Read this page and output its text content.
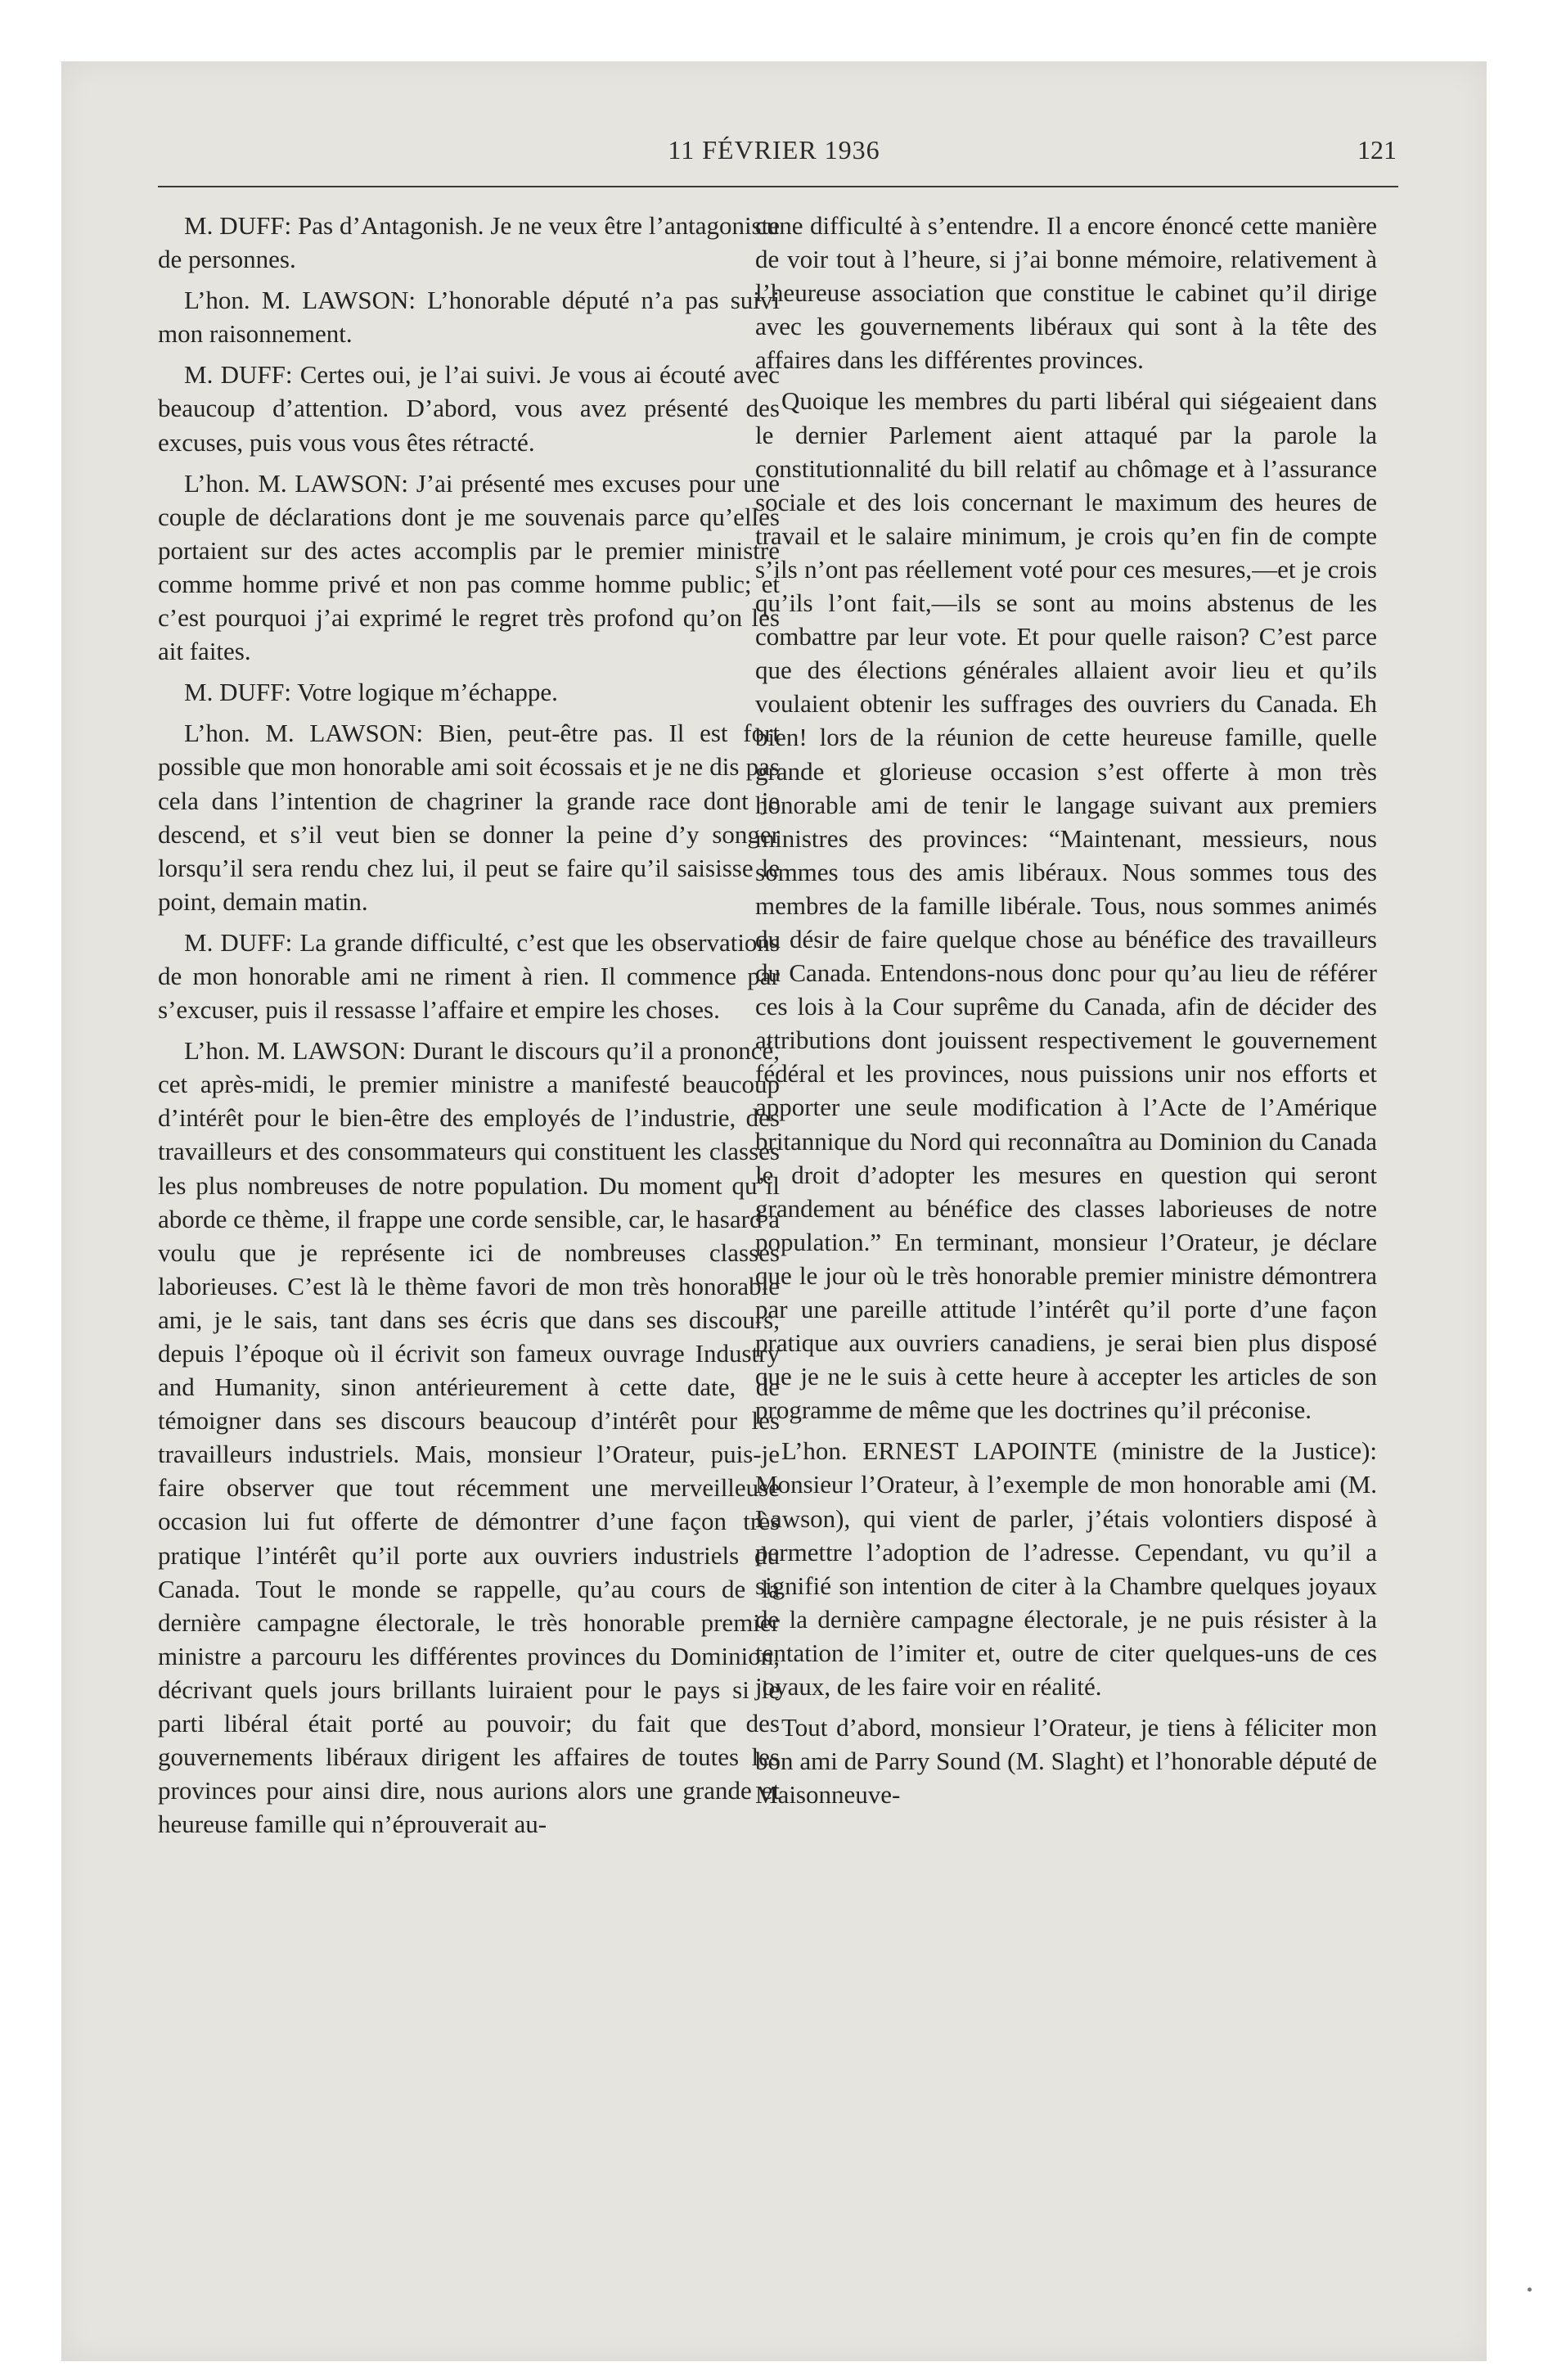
11 FÉVRIER 1936	121

M. DUFF: Pas d’Antagonish. Je ne veux être l’antagoniste de personnes.

L’hon. M. LAWSON: L’honorable député n’a pas suivi mon raisonnement.

M. DUFF: Certes oui, je l’ai suivi. Je vous ai écouté avec beaucoup d’attention. D’abord, vous avez présenté des excuses, puis vous vous êtes rétracté.

L’hon. M. LAWSON: J’ai présenté mes excuses pour une couple de déclarations dont je me souvenais parce qu’elles portaient sur des actes accomplis par le premier ministre comme homme privé et non pas comme homme public; et c’est pourquoi j’ai exprimé le regret très profond qu’on les ait faites.

M. DUFF: Votre logique m’échappe.

L’hon. M. LAWSON: Bien, peut-être pas. Il est fort possible que mon honorable ami soit écossais et je ne dis pas cela dans l’intention de chagriner la grande race dont je descend, et s’il veut bien se donner la peine d’y songer lorsqu’il sera rendu chez lui, il peut se faire qu’il saisisse le point, demain matin.

M. DUFF: La grande difficulté, c’est que les observations de mon honorable ami ne riment à rien. Il commence par s’excuser, puis il ressasse l’affaire et empire les choses.

L’hon. M. LAWSON: Durant le discours qu’il a prononcé, cet après-midi, le premier ministre a manifesté beaucoup d’intérêt pour le bien-être des employés de l’industrie, des travailleurs et des consommateurs qui constituent les classes les plus nombreuses de notre population. Du moment qu’il aborde ce thème, il frappe une corde sensible, car, le hasard a voulu que je représente ici de nombreuses classes laborieuses. C’est là le thème favori de mon très honorable ami, je le sais, tant dans ses écris que dans ses discours, depuis l’époque où il écrivit son fameux ouvrage Industry and Humanity, sinon antérieurement à cette date, de témoigner dans ses discours beaucoup d’intérêt pour les travailleurs industriels. Mais, monsieur l’Orateur, puis-je faire observer que tout récemment une merveilleuse occasion lui fut offerte de démontrer d’une façon très pratique l’intérêt qu’il porte aux ouvriers industriels du Canada. Tout le monde se rappelle, qu’au cours de la dernière campagne électorale, le très honorable premier ministre a parcouru les différentes provinces du Dominion, décrivant quels jours brillants luiraient pour le pays si le parti libéral était porté au pouvoir; du fait que des gouvernements libéraux dirigent les affaires de toutes les provinces pour ainsi dire, nous aurions alors une grande et heureuse famille qui n’éprouverait au-

cune difficulté à s’entendre. Il a encore énoncé cette manière de voir tout à l’heure, si j’ai bonne mémoire, relativement à l’heureuse association que constitue le cabinet qu’il dirige avec les gouvernements libéraux qui sont à la tête des affaires dans les différentes provinces.

Quoique les membres du parti libéral qui siégeaient dans le dernier Parlement aient attaqué par la parole la constitutionnalité du bill relatif au chômage et à l’assurance sociale et des lois concernant le maximum des heures de travail et le salaire minimum, je crois qu’en fin de compte s’ils n’ont pas réellement voté pour ces mesures,—et je crois qu’ils l’ont fait,—ils se sont au moins abstenus de les combattre par leur vote. Et pour quelle raison? C’est parce que des élections générales allaient avoir lieu et qu’ils voulaient obtenir les suffrages des ouvriers du Canada. Eh bien! lors de la réunion de cette heureuse famille, quelle grande et glorieuse occasion s’est offerte à mon très honorable ami de tenir le langage suivant aux premiers ministres des provinces: “Maintenant, messieurs, nous sommes tous des amis libéraux. Nous sommes tous des membres de la famille libérale. Tous, nous sommes animés du désir de faire quelque chose au bénéfice des travailleurs du Canada. Entendons-nous donc pour qu’au lieu de référer ces lois à la Cour suprême du Canada, afin de décider des attributions dont jouissent respectivement le gouvernement fédéral et les provinces, nous puissions unir nos efforts et apporter une seule modification à l’Acte de l’Amérique britannique du Nord qui reconnaîtra au Dominion du Canada le droit d’adopter les mesures en question qui seront grandement au bénéfice des classes laborieuses de notre population.” En terminant, monsieur l’Orateur, je déclare que le jour où le très honorable premier ministre démontrera par une pareille attitude l’intérêt qu’il porte d’une façon pratique aux ouvriers canadiens, je serai bien plus disposé que je ne le suis à cette heure à accepter les articles de son programme de même que les doctrines qu’il préconise.

L’hon. ERNEST LAPOINTE (ministre de la Justice): Monsieur l’Orateur, à l’exemple de mon honorable ami (M. Lawson), qui vient de parler, j’étais volontiers disposé à permettre l’adoption de l’adresse. Cependant, vu qu’il a signifié son intention de citer à la Chambre quelques joyaux de la dernière campagne électorale, je ne puis résister à la tentation de l’imiter et, outre de citer quelques-uns de ces joyaux, de les faire voir en réalité.

Tout d’abord, monsieur l’Orateur, je tiens à féliciter mon bon ami de Parry Sound (M. Slaght) et l’honorable député de Maisonneuve-
